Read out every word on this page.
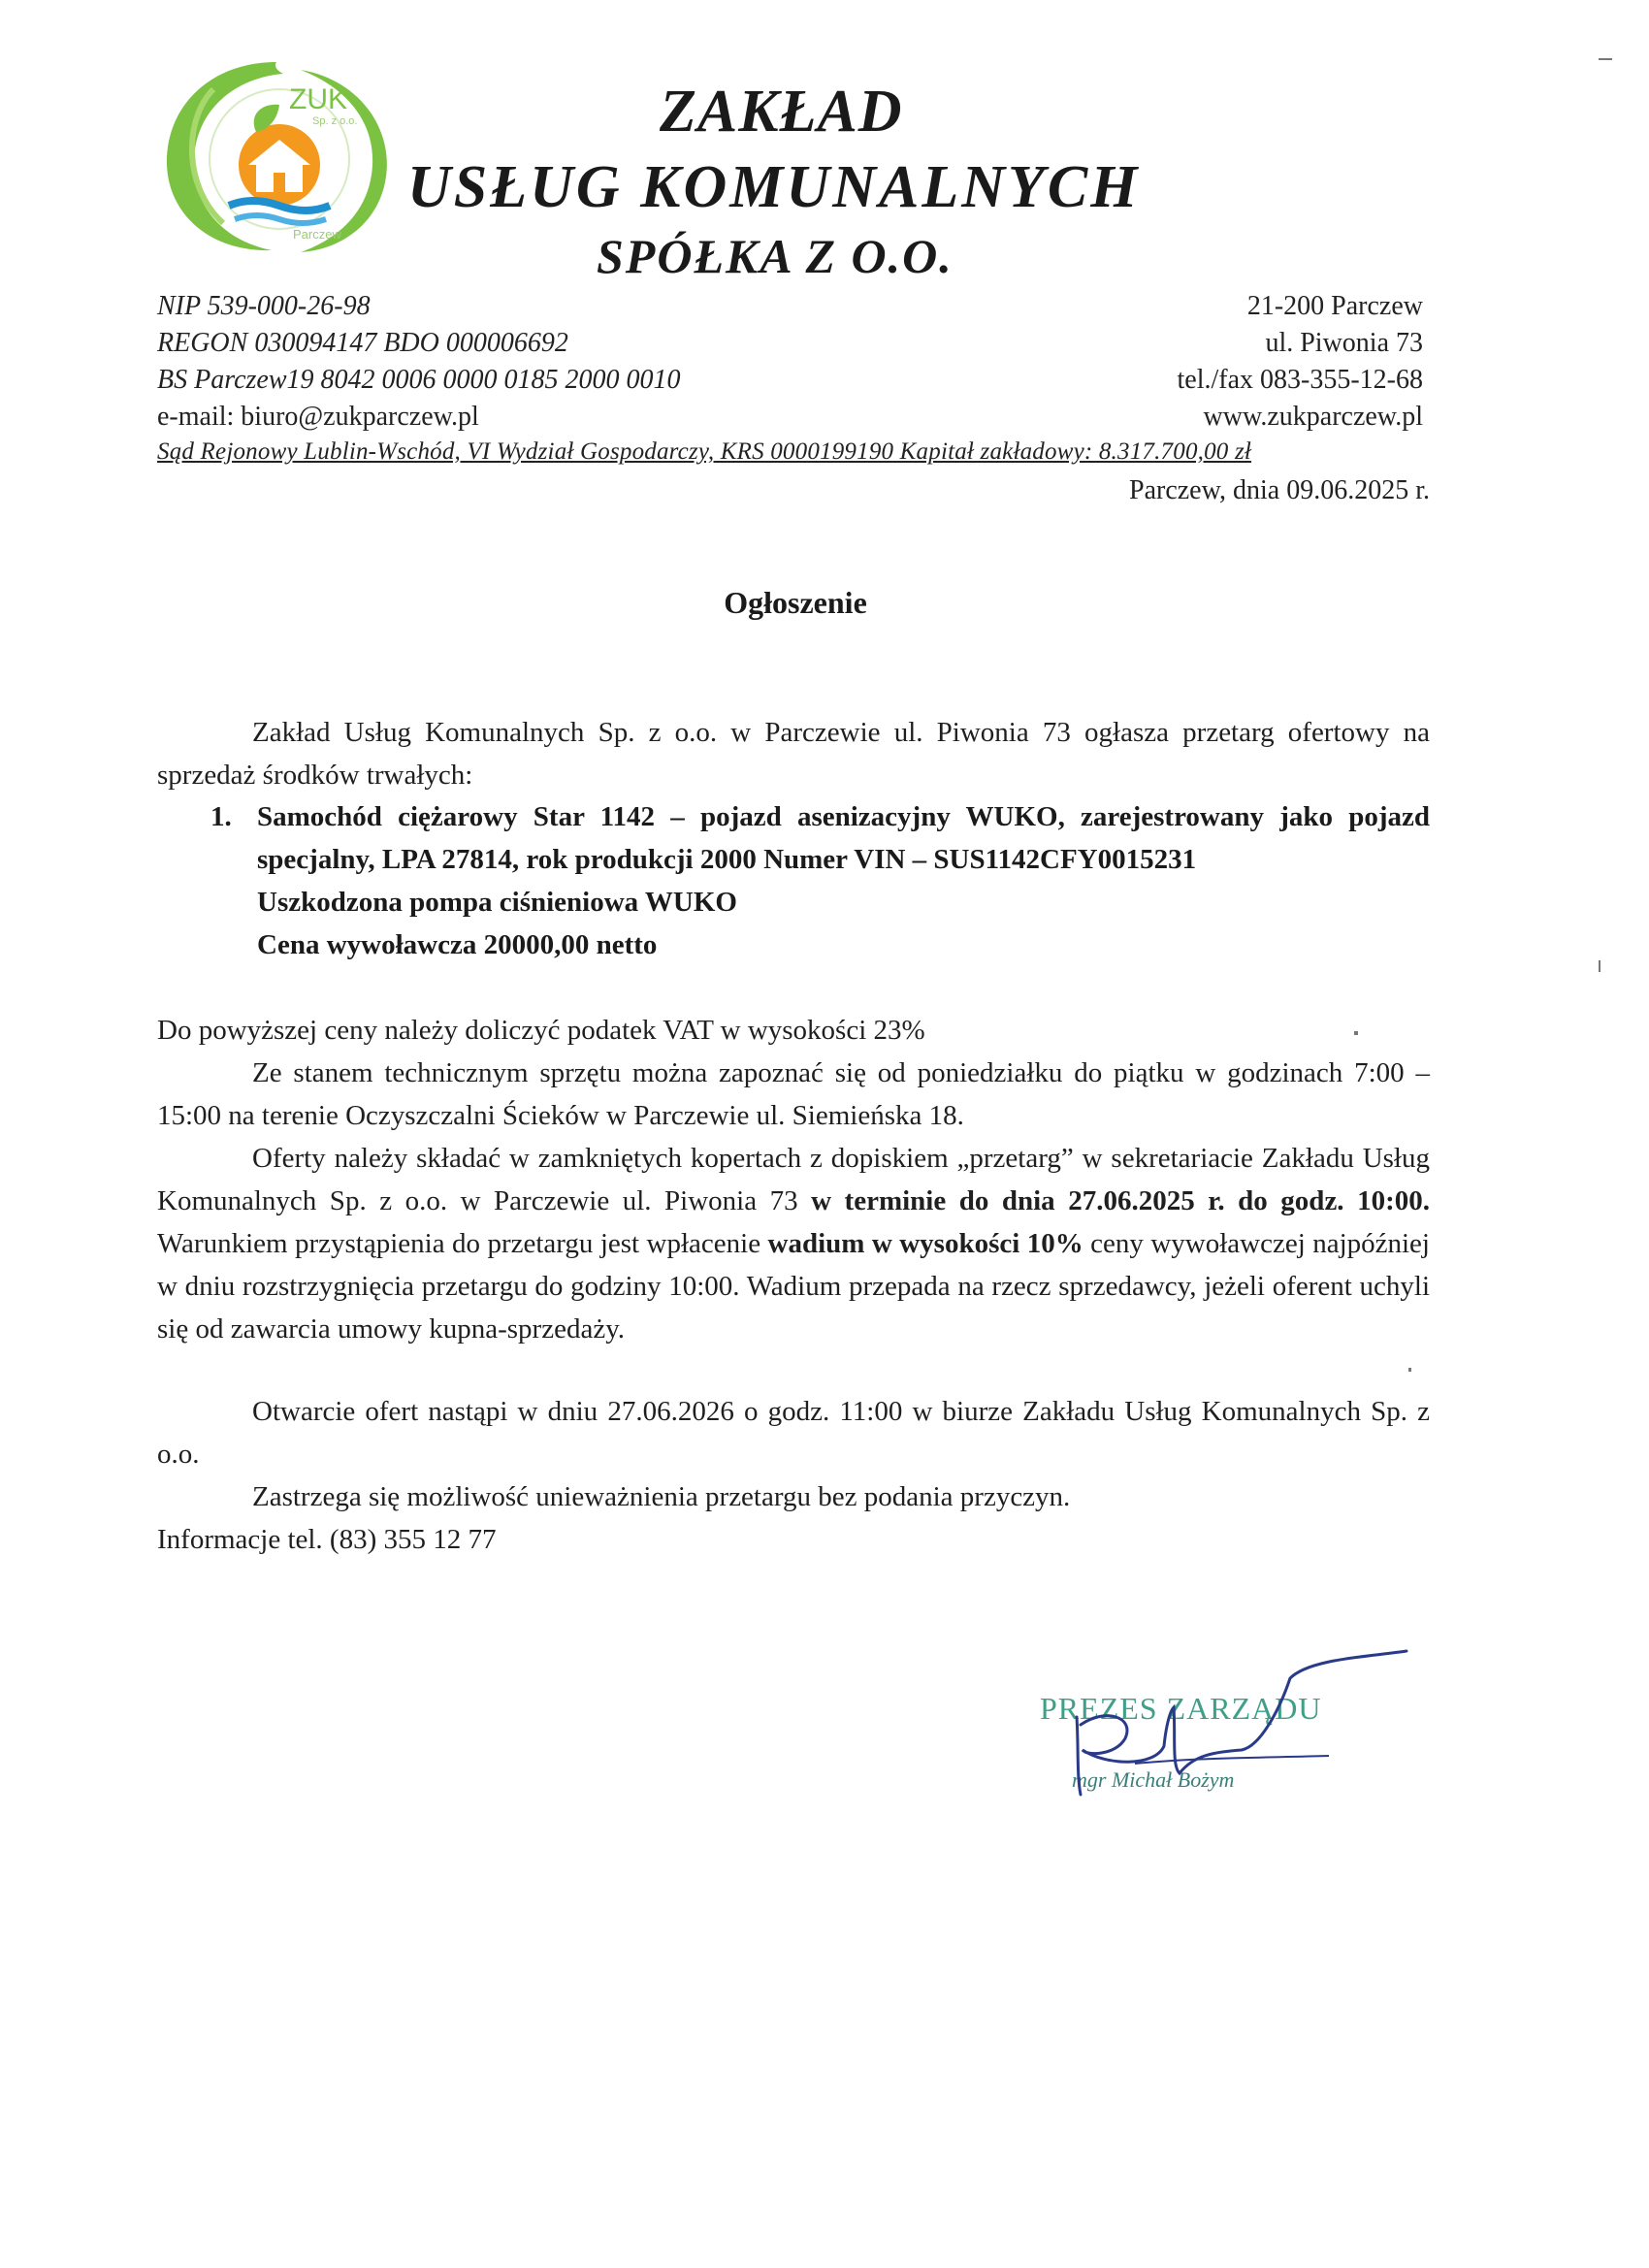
ZUK
Sp. z o.o.
Parczew
ZAKŁAD
USŁUG KOMUNALNYCH
SPÓŁKA Z O.O.
NIP 539-000-26-98
REGON 030094147 BDO 000006692
BS Parczew19 8042 0006 0000 0185 2000 0010
e-mail: biuro@zukparczew.pl
21-200 Parczew
ul. Piwonia 73
tel./fax 083-355-12-68
www.zukparczew.pl
Sąd Rejonowy Lublin-Wschód, VI Wydział Gospodarczy, KRS 0000199190 Kapitał zakładowy: 8.317.700,00 zł
Parczew, dnia 09.06.2025 r.
Ogłoszenie
Zakład Usług Komunalnych Sp. z o.o. w Parczewie ul. Piwonia 73 ogłasza przetarg ofertowy na sprzedaż środków trwałych:
1. Samochód ciężarowy Star 1142 – pojazd asenizacyjny WUKO, zarejestrowany jako pojazd specjalny, LPA 27814, rok produkcji 2000 Numer VIN – SUS1142CFY0015231
Uszkodzona pompa ciśnieniowa WUKO
Cena wywoławcza 20000,00 netto
Do powyższej ceny należy doliczyć podatek VAT w wysokości 23%
Ze stanem technicznym sprzętu można zapoznać się od poniedziałku do piątku w godzinach 7:00 – 15:00 na terenie Oczyszczalni Ścieków w Parczewie ul. Siemieńska 18.
Oferty należy składać w zamkniętych kopertach z dopiskiem „przetarg” w sekretariacie Zakładu Usług Komunalnych Sp. z o.o. w Parczewie ul. Piwonia 73 w terminie do dnia 27.06.2025 r. do godz. 10:00. Warunkiem przystąpienia do przetargu jest wpłacenie wadium w wysokości 10% ceny wywoławczej najpóźniej w dniu rozstrzygnięcia przetargu do godziny 10:00. Wadium przepada na rzecz sprzedawcy, jeżeli oferent uchyli się od zawarcia umowy kupna-sprzedaży.
Otwarcie ofert nastąpi w dniu 27.06.2026 o godz. 11:00 w biurze Zakładu Usług Komunalnych Sp. z o.o.
Zastrzega się możliwość unieważnienia przetargu bez podania przyczyn.
Informacje tel. (83) 355 12 77
PREZES ZARZĄDU
mgr Michał Bożym
